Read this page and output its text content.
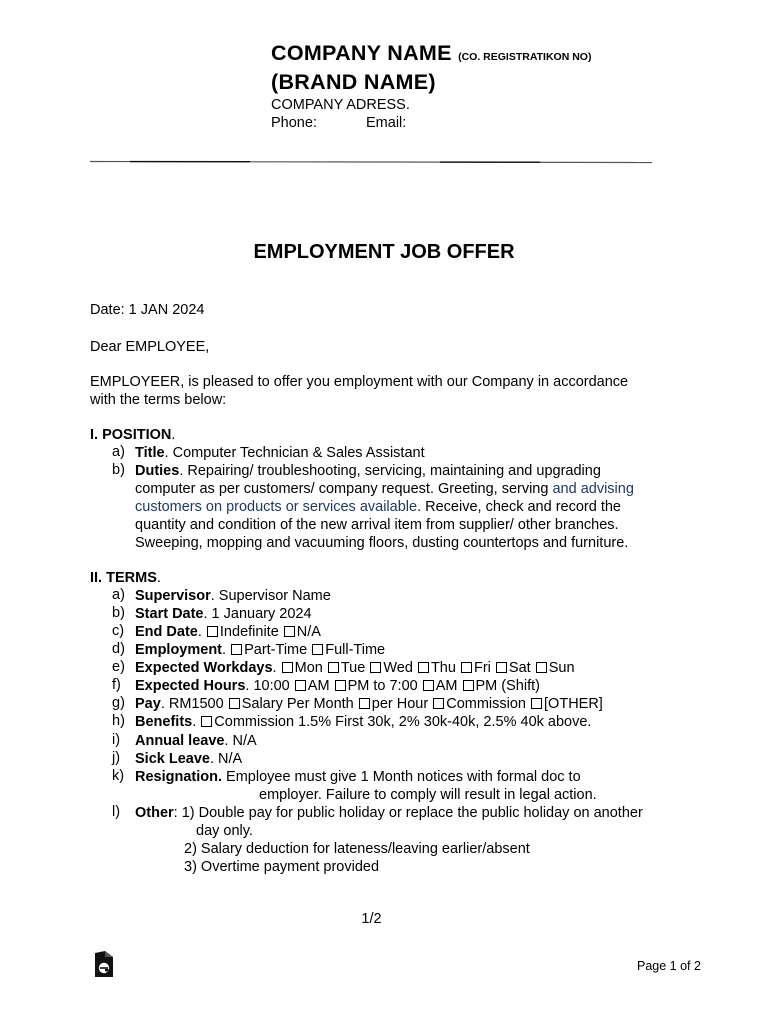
COMPANY NAME (CO. REGISTRATIKON NO)
(BRAND NAME)
COMPANY ADRESS.
Phone:	Email:
EMPLOYMENT JOB OFFER
Date: 1 JAN 2024
Dear EMPLOYEE,
EMPLOYEER, is pleased to offer you employment with our Company in accordance
with the terms below:
I. POSITION.
a) Title. Computer Technician & Sales Assistant
b) Duties. Repairing/ troubleshooting, servicing, maintaining and upgrading
computer as per customers/ company request. Greeting, serving and advising
customers on products or services available. Receive, check and record the
quantity and condition of the new arrival item from supplier/ other branches.
Sweeping, mopping and vacuuming floors, dusting countertops and furniture.
II. TERMS.
a) Supervisor. Supervisor Name
b) Start Date. 1 January 2024
c) End Date. Indefinite N/A
d) Employment. Part-Time Full-Time
e) Expected Workdays. Mon Tue Wed Thu Fri Sat Sun
f) Expected Hours. 10:00 AM PM to 7:00 AM PM (Shift)
g) Pay. RM1500 Salary Per Month per Hour Commission [OTHER]
h) Benefits. Commission 1.5% First 30k, 2% 30k-40k, 2.5% 40k above.
i) Annual leave. N/A
j) Sick Leave. N/A
k) Resignation. Employee must give 1 Month notices with formal doc to
employer. Failure to comply will result in legal action.
l) Other: 1) Double pay for public holiday or replace the public holiday on another
day only.
2) Salary deduction for lateness/leaving earlier/absent
3) Overtime payment provided
1/2
Page 1 of 2
